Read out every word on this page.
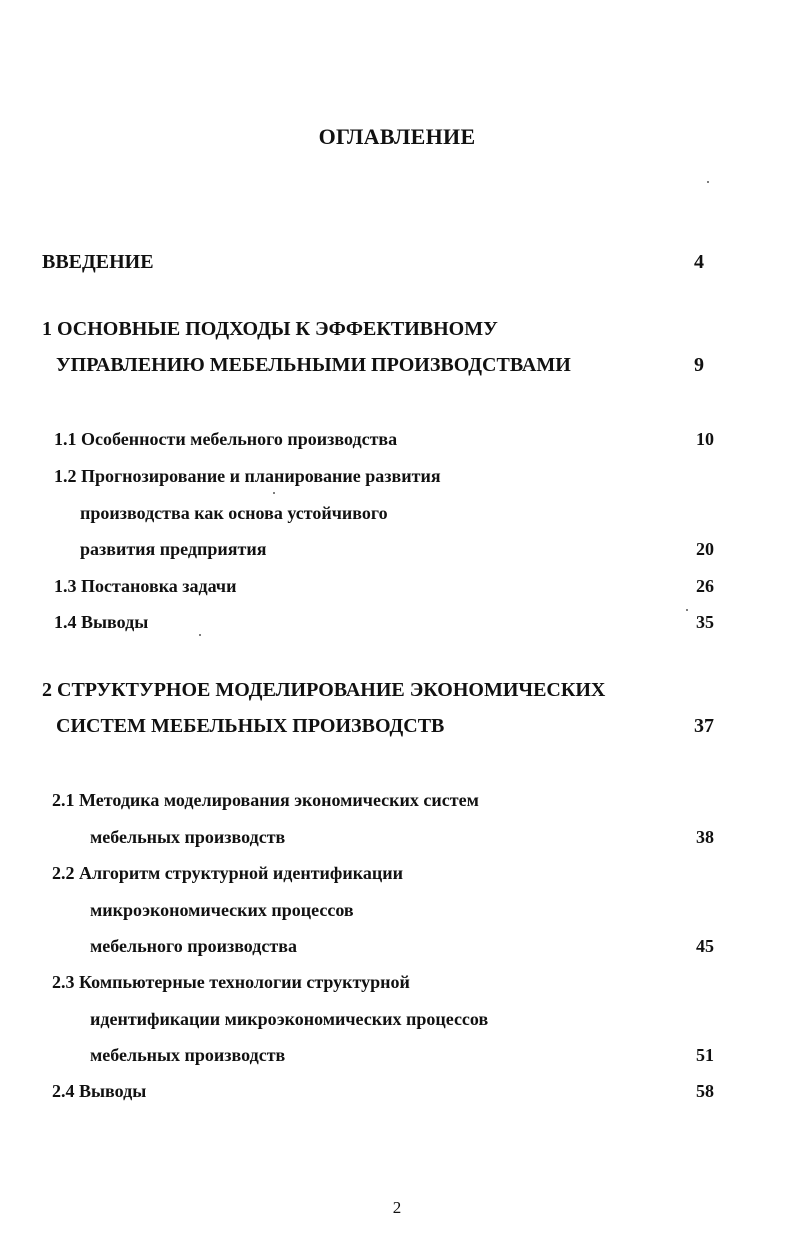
ОГЛАВЛЕНИЕ
ВВЕДЕНИЕ	4
1 ОСНОВНЫЕ ПОДХОДЫ К ЭФФЕКТИВНОМУ
УПРАВЛЕНИЮ МЕБЕЛЬНЫМИ ПРОИЗВОДСТВАМИ	9
1.1 Особенности мебельного производства	10
1.2 Прогнозирование и планирование развития
производства как основа устойчивого
развития предприятия	20
1.3 Постановка задачи	26
1.4 Выводы	35
2 СТРУКТУРНОЕ МОДЕЛИРОВАНИЕ ЭКОНОМИЧЕСКИХ
СИСТЕМ МЕБЕЛЬНЫХ ПРОИЗВОДСТВ	37
2.1 Методика моделирования экономических систем
мебельных производств	38
2.2 Алгоритм структурной идентификации
микроэкономических процессов
мебельного производства	45
2.3 Компьютерные технологии структурной
идентификации микроэкономических процессов
мебельных производств	51
2.4 Выводы	58
2
